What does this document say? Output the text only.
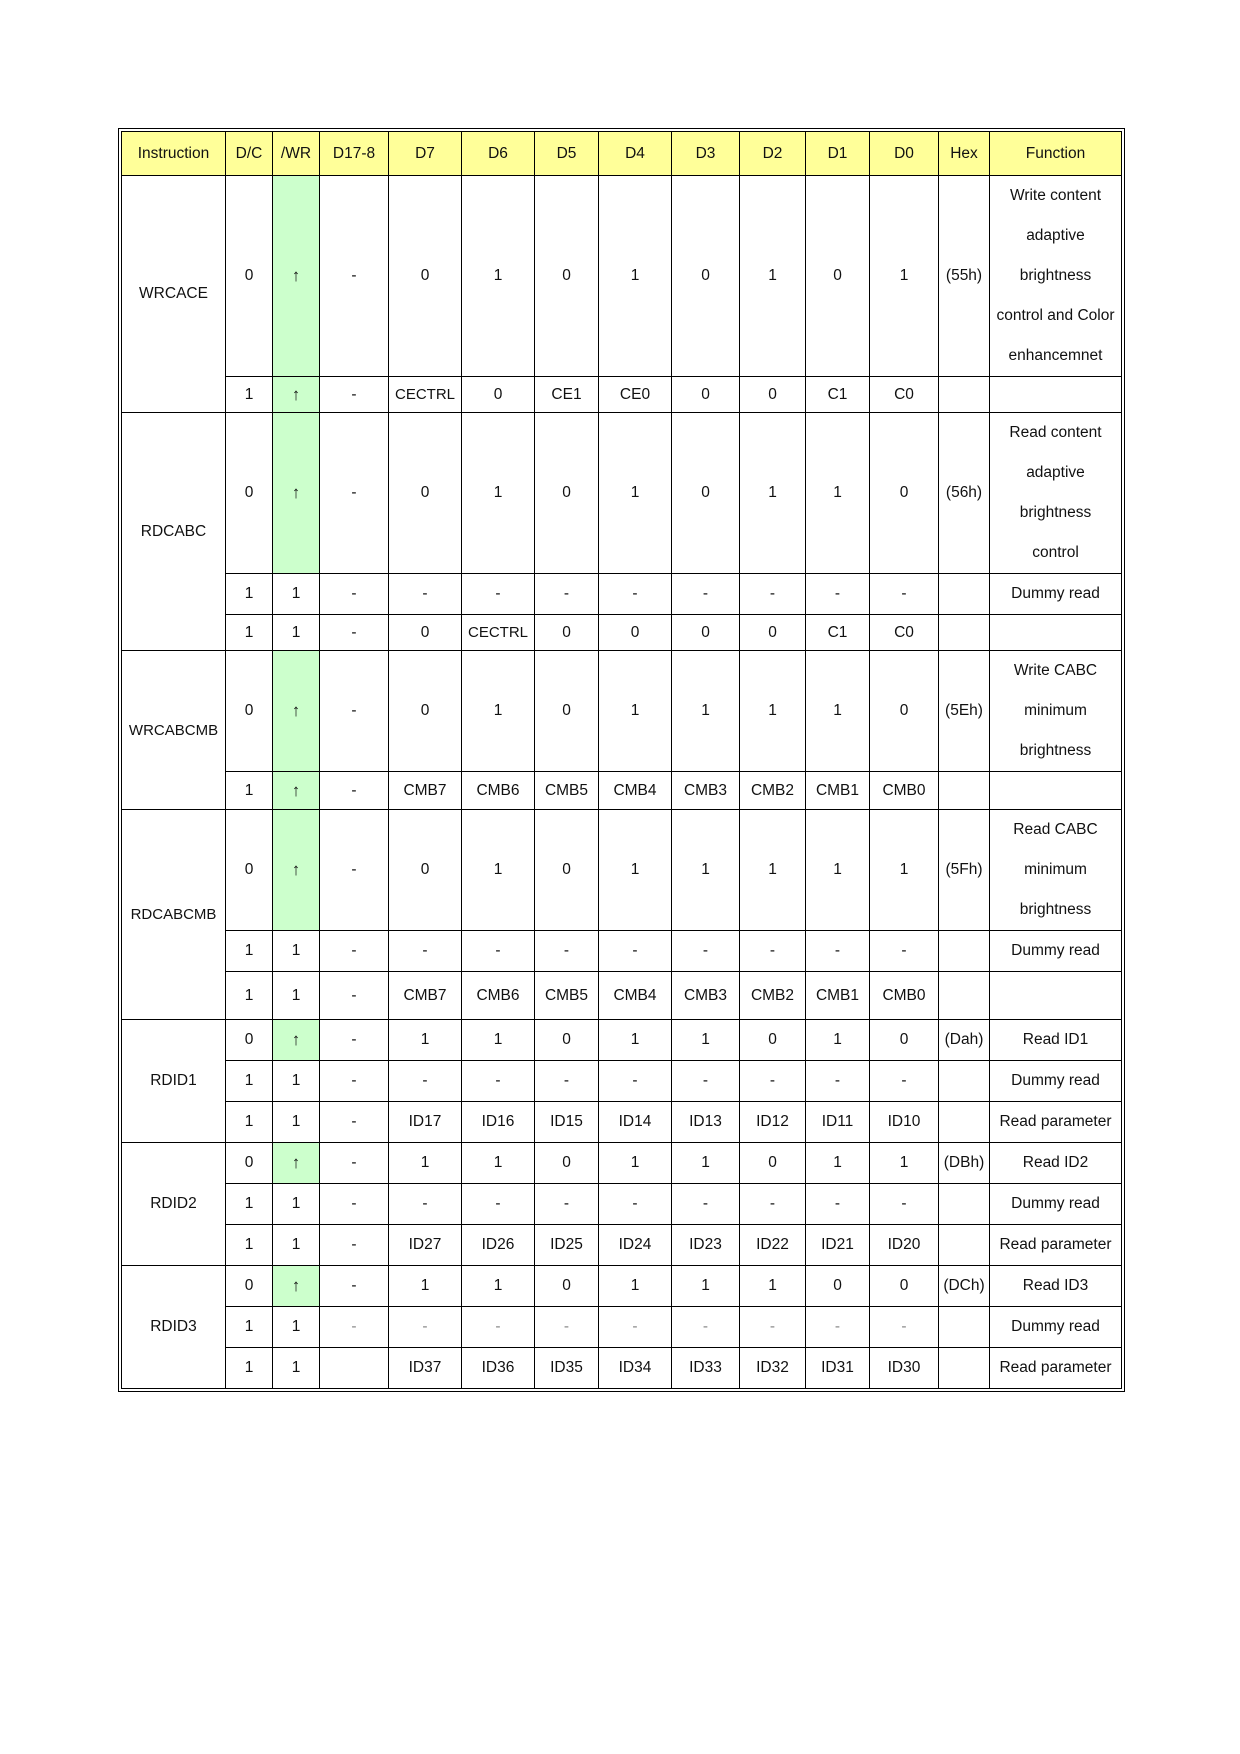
Instruction	D/C	/WR	D17-8	D7	D6	D5	D4	D3	D2	D1	D0	Hex	Function
WRCACE	0	↑	-	0	1	0	1	0	1	0	1	(55h)	Write content
adaptive
brightness
control and Color
enhancemnet

	1	↑	-	CECTRL	0	CE1	CE0	0	0	C1	C0		
RDCABC	0	↑	-	0	1	0	1	0	1	1	0	(56h)	Read content
adaptive
brightness
control

	1	1	-	-	-	-	-	-	-	-	-		Dummy read

	1	1	-	0	CECTRL	0	0	0	0	C1	C0		
WRCABCMB	0	↑	-	0	1	0	1	1	1	1	0	(5Eh)	Write CABC
minimum
brightness

	1	↑	-	CMB7	CMB6	CMB5	CMB4	CMB3	CMB2	CMB1	CMB0		
RDCABCMB	0	↑	-	0	1	0	1	1	1	1	1	(5Fh)	Read CABC
minimum
brightness

	1	1	-	-	-	-	-	-	-	-	-		Dummy read

	1	1	-	CMB7	CMB6	CMB5	CMB4	CMB3	CMB2	CMB1	CMB0		
RDID1	0	↑	-	1	1	0	1	1	0	1	0	(Dah)	Read ID1

	1	1	-	-	-	-	-	-	-	-	-		Dummy read

	1	1	-	ID17	ID16	ID15	ID14	ID13	ID12	ID11	ID10		Read parameter

RDID2	0	↑	-	1	1	0	1	1	0	1	1	(DBh)	Read ID2

	1	1	-	-	-	-	-	-	-	-	-		Dummy read

	1	1	-	ID27	ID26	ID25	ID24	ID23	ID22	ID21	ID20		Read parameter

RDID3	0	↑	-	1	1	0	1	1	1	0	0	(DCh)	Read ID3

	1	1	-	-	-	-	-	-	-	-	-		Dummy read

	1	1		ID37	ID36	ID35	ID34	ID33	ID32	ID31	ID30		Read parameter
